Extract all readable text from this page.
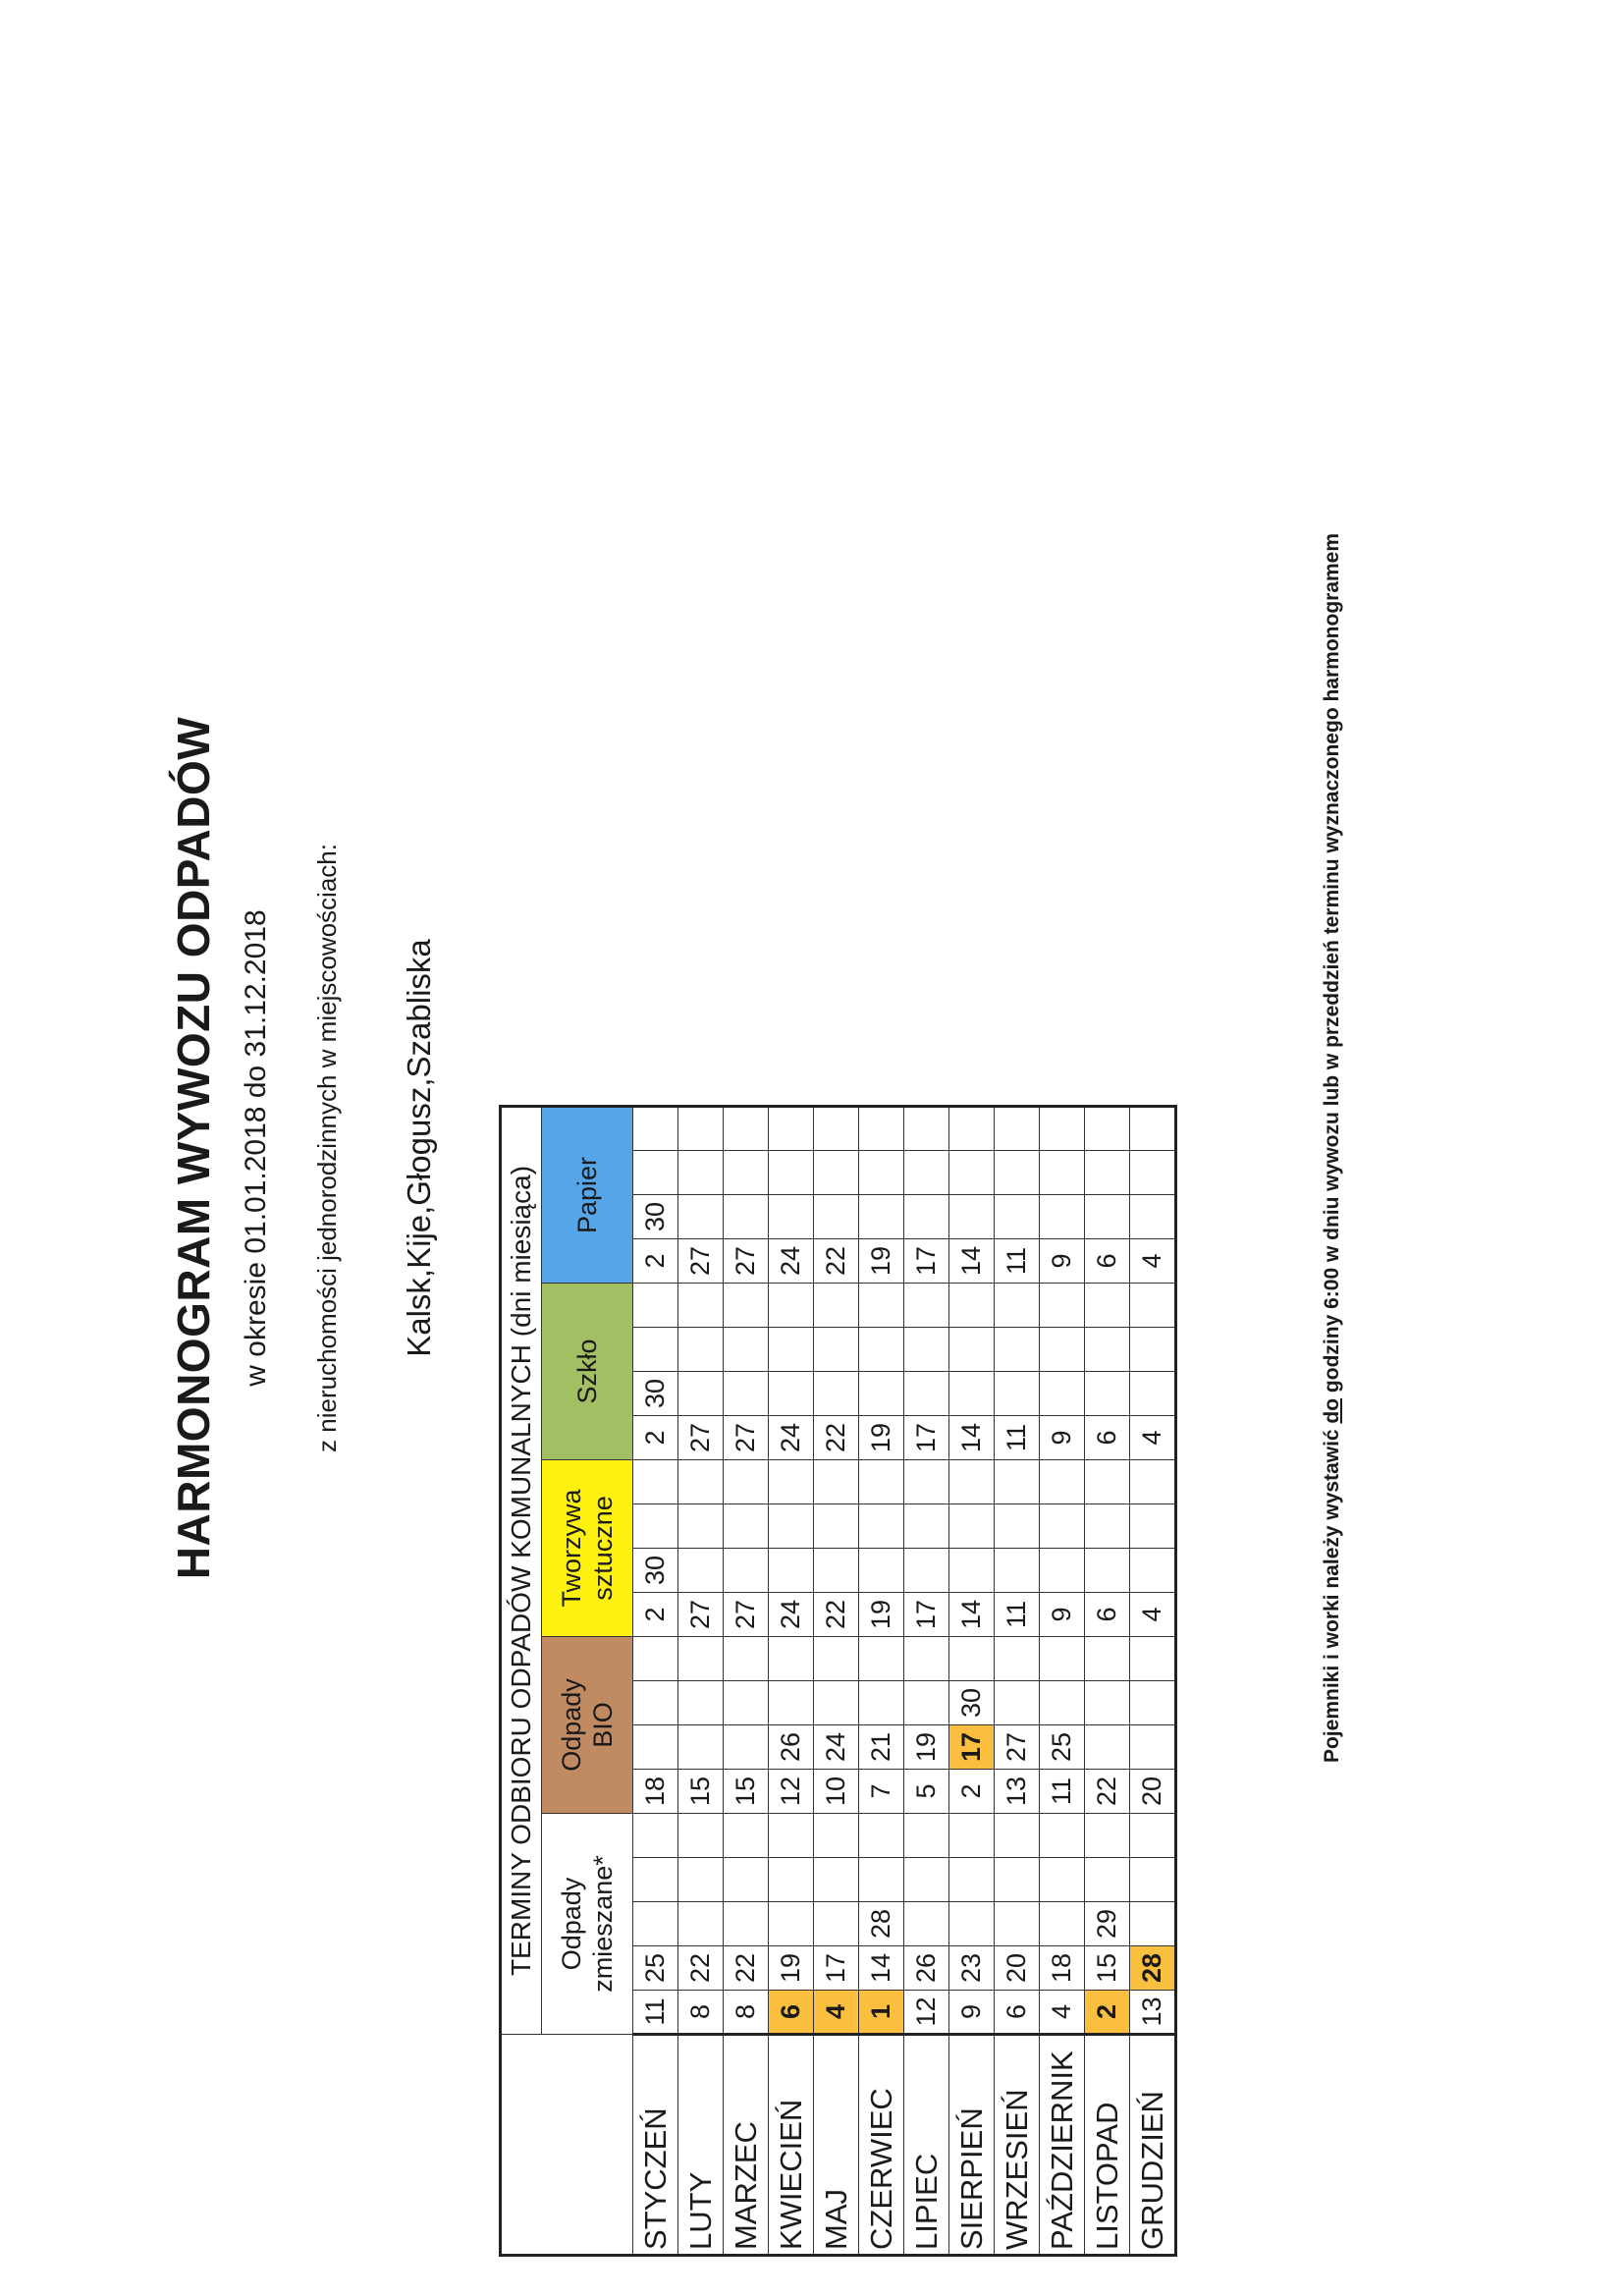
HARMONOGRAM WYWOZU ODPADÓW w okresie 01.01.2018 do 31.12.2018 z nieruchomości jednorodzinnych w miejscowościach: Kalsk,Kije,Głogusz,Szabliska
	TERMINY ODBIORU ODPADÓW KOMUNALNYCH (dni miesiąca)																				
	Odpady
zmieszane*					Odpady
BIO				Tworzywa
sztuczne				Szkło				Papier			
STYCZEŃ	11	25				18				2	30			2	30			2	30		
LUTY	8	22				15				27				27				27			
MARZEC	8	22				15				27				27				27			
KWIECIEŃ	6	19				12	26			24				24				24			
MAJ	4	17				10	24			22				22				22			
CZERWIEC	1	14	28			7	21			19				19				19			
LIPIEC	12	26				5	19			17				17				17			
SIERPIEŃ	9	23				2	17	30		14				14				14			
WRZESIEŃ	6	20				13	27			11				11				11			
PAŹDZIERNIK	4	18				11	25			9				9				9			
LISTOPAD	2	15	29			22				6				6				6			
GRUDZIEŃ	13	28				20				4				4				4			
Pojemniki i worki należy wystawić do godziny 6:00 w dniu wywozu lub w przeddzień terminu wyznaczonego harmonogramem
